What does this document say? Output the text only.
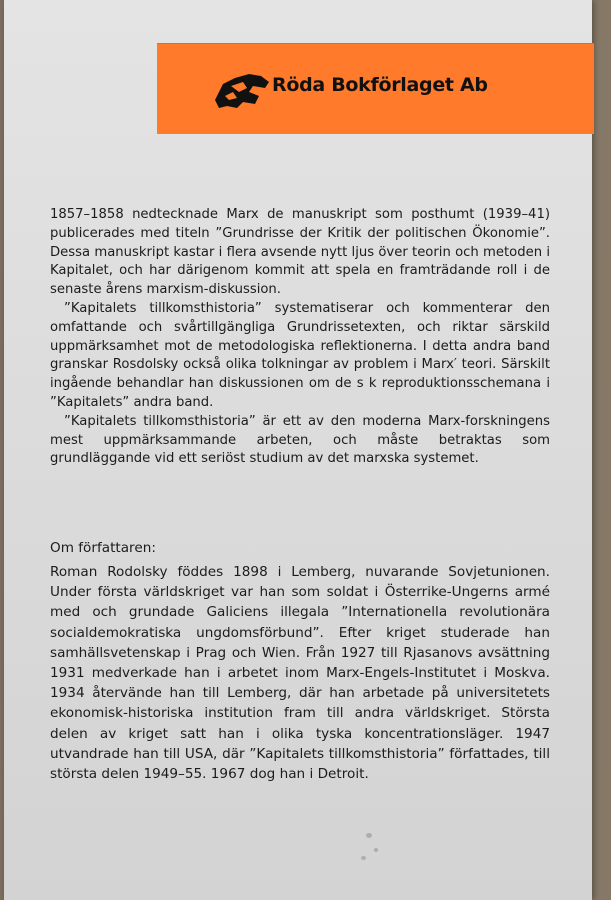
Röda Bokförlaget Ab

1857–1858 nedtecknade Marx de manuskript som posthumt (1939–41) publicerades med titeln ”Grundrisse der Kritik der politischen Ökonomie”. Dessa manuskript kastar i flera avsende nytt ljus över teorin och metoden i Kapitalet, och har därigenom kommit att spela en framträdande roll i de senaste årens marxism-diskussion.

”Kapitalets tillkomsthistoria” systematiserar och kommenterar den omfattande och svårtillgängliga Grundrissetexten, och riktar särskild uppmärksamhet mot de metodologiska reflektionerna. I detta andra band granskar Rosdolsky också olika tolkningar av problem i Marx′ teori. Särskilt ingående behandlar han diskussionen om de s k reproduktionsschemana i ”Kapitalets” andra band.

”Kapitalets tillkomsthistoria” är ett av den moderna Marx-forskningens mest uppmärksammande arbeten, och måste betraktas som grundläggande vid ett seriöst studium av det marxska systemet.

Om författaren:
Roman Rodolsky föddes 1898 i Lemberg, nuvarande Sovjetunionen. Under första världskriget var han som soldat i Österrike-Ungerns armé med och grundade Galiciens illegala ”Internationella revolutionära socialdemokratiska ungdomsförbund”. Efter kriget studerade han samhällsvetenskap i Prag och Wien. Från 1927 till Rjasanovs avsättning 1931 medverkade han i arbetet inom Marx-Engels-Institutet i Moskva. 1934 återvände han till Lemberg, där han arbetade på universitetets ekonomisk-historiska institution fram till andra världskriget. Största delen av kriget satt han i olika tyska koncentrationsläger. 1947 utvandrade han till USA, där ”Kapitalets tillkomsthistoria” författades, till största delen 1949–55. 1967 dog han i Detroit.
